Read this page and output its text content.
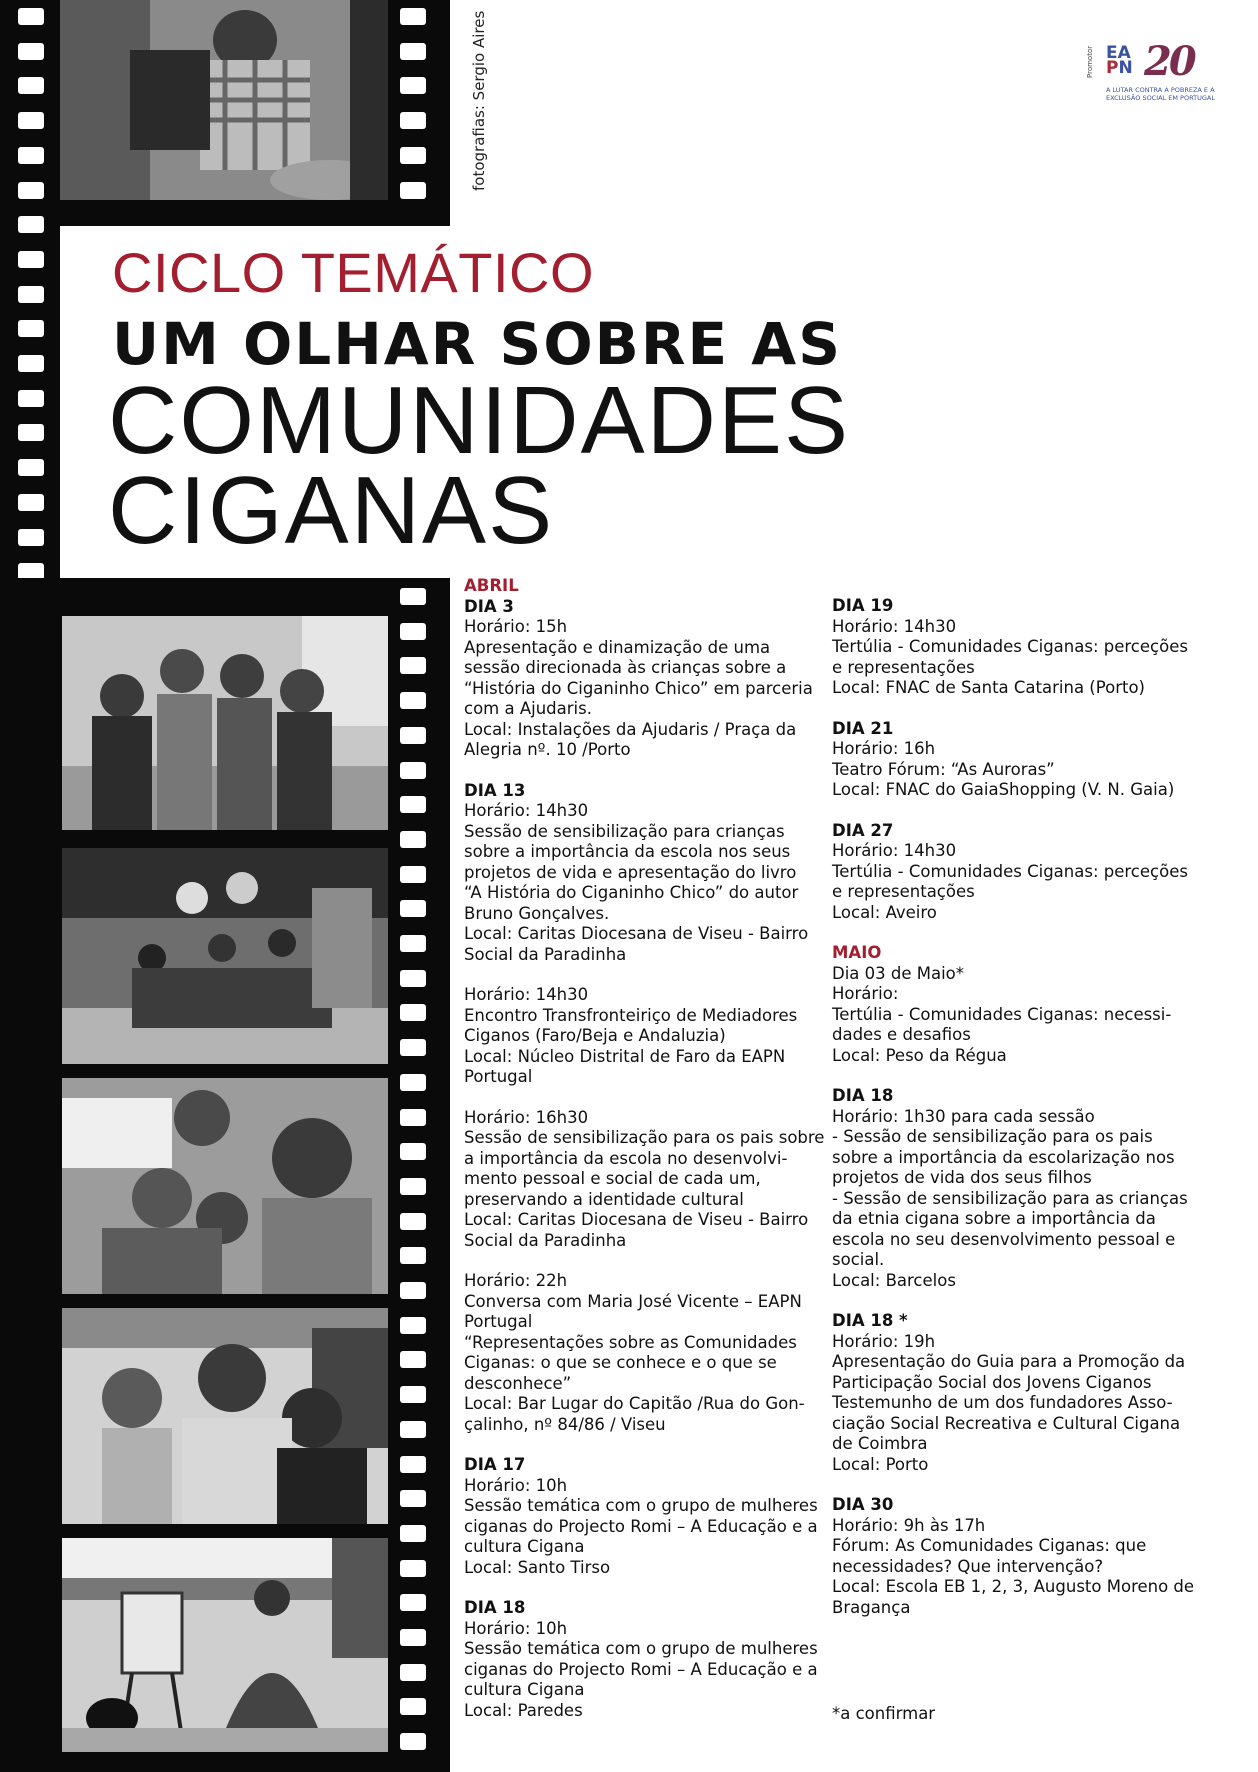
fotografias: Sergio Aires	Promotor EA
PN 20
A LUTAR CONTRA A POBREZA E A EXCLUSÃO SOCIAL EM PORTUGAL
CICLO TEMÁTICO
UM OLHAR SOBRE AS
COMUNIDADES
CIGANAS
ABRIL
DIA 3
Horário: 15h
Apresentação e dinamização de uma
sessão direcionada às crianças sobre a
“História do Ciganinho Chico” em parceria
com a Ajudaris.
Local: Instalações da Ajudaris / Praça da
Alegria nº. 10 /Porto
DIA 13
Horário: 14h30
Sessão de sensibilização para crianças
sobre a importância da escola nos seus
projetos de vida e apresentação do livro
“A História do Ciganinho Chico” do autor
Bruno Gonçalves.
Local: Caritas Diocesana de Viseu - Bairro
Social da Paradinha
Horário: 14h30
Encontro Transfronteiriço de Mediadores
Ciganos (Faro/Beja e Andaluzia)
Local: Núcleo Distrital de Faro da EAPN
Portugal
Horário: 16h30
Sessão de sensibilização para os pais sobre
a importância da escola no desenvolvi-
mento pessoal e social de cada um,
preservando a identidade cultural
Local: Caritas Diocesana de Viseu - Bairro
Social da Paradinha
Horário: 22h
Conversa com Maria José Vicente – EAPN
Portugal
“Representações sobre as Comunidades
Ciganas: o que se conhece e o que se
desconhece”
Local: Bar Lugar do Capitão /Rua do Gon-
çalinho, nº 84/86 / Viseu
DIA 17
Horário: 10h
Sessão temática com o grupo de mulheres
ciganas do Projecto Romi – A Educação e a
cultura Cigana
Local: Santo Tirso
DIA 18
Horário: 10h
Sessão temática com o grupo de mulheres
ciganas do Projecto Romi – A Educação e a
cultura Cigana
Local: Paredes
DIA 19
Horário: 14h30
Tertúlia - Comunidades Ciganas: perceções
e representações
Local: FNAC de Santa Catarina (Porto)
DIA 21
Horário: 16h
Teatro Fórum: “As Auroras”
Local: FNAC do GaiaShopping (V. N. Gaia)
DIA 27
Horário: 14h30
Tertúlia - Comunidades Ciganas: perceções
e representações
Local: Aveiro
MAIO
Dia 03 de Maio*
Horário:
Tertúlia - Comunidades Ciganas: necessi-
dades e desafios
Local: Peso da Régua
DIA 18
Horário: 1h30 para cada sessão
- Sessão de sensibilização para os pais
sobre a importância da escolarização nos
projetos de vida dos seus filhos
- Sessão de sensibilização para as crianças
da etnia cigana sobre a importância da
escola no seu desenvolvimento pessoal e
social.
Local: Barcelos
DIA 18 *
Horário: 19h
Apresentação do Guia para a Promoção da
Participação Social dos Jovens Ciganos
Testemunho de um dos fundadores Asso-
ciação Social Recreativa e Cultural Cigana
de Coimbra
Local: Porto
DIA 30
Horário: 9h às 17h
Fórum: As Comunidades Ciganas: que
necessidades? Que intervenção?
Local: Escola EB 1, 2, 3, Augusto Moreno de
Bragança
*a confirmar
